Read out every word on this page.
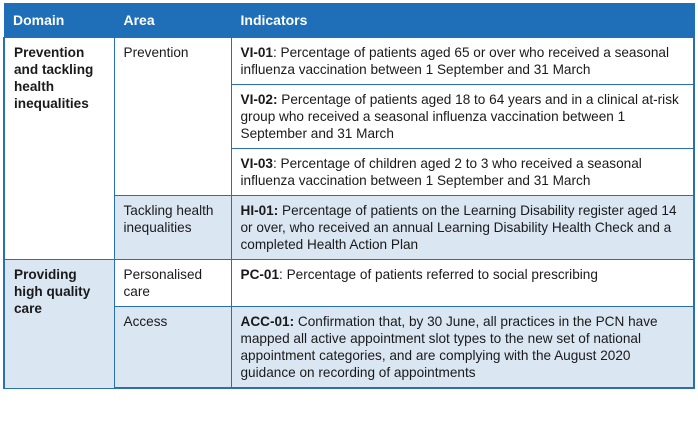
Domain	Area	Indicators
Prevention and tackling health inequalities	Prevention	VI-01: Percentage of patients aged 65 or over who received a seasonal influenza vaccination between 1 September and 31 March
		VI-02: Percentage of patients aged 18 to 64 years and in a clinical at-risk group who received a seasonal influenza vaccination between 1 September and 31 March
		VI-03: Percentage of children aged 2 to 3 who received a seasonal influenza vaccination between 1 September and 31 March
	Tackling health inequalities	HI-01: Percentage of patients on the Learning Disability register aged 14 or over, who received an annual Learning Disability Health Check and a completed Health Action Plan
Providing high quality care	Personalised care	PC-01: Percentage of patients referred to social prescribing
	Access	ACC-01: Confirmation that, by 30 June, all practices in the PCN have mapped all active appointment slot types to the new set of national appointment categories, and are complying with the August 2020 guidance on recording of appointments
